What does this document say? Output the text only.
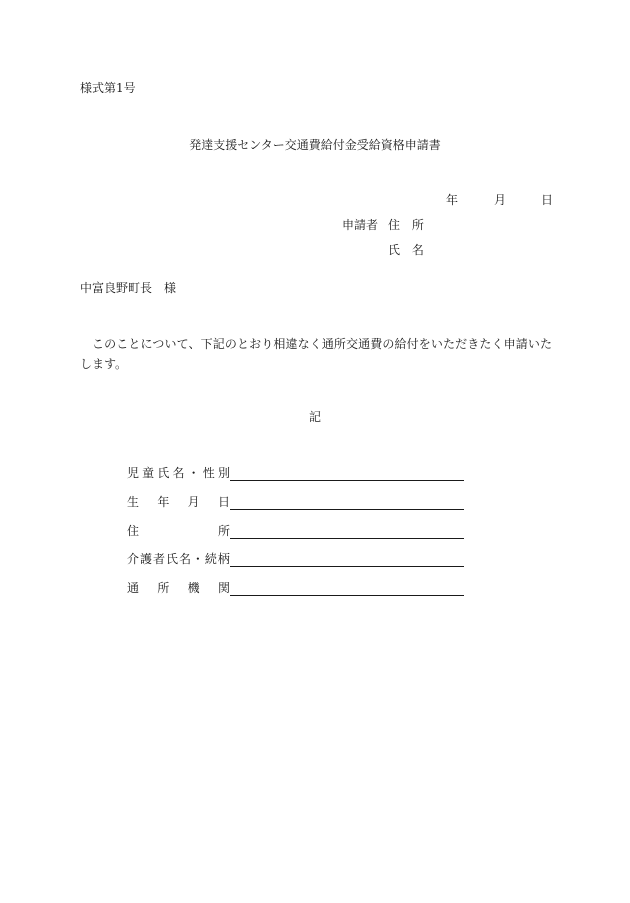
様式第1号
発達支援センター交通費給付金受給資格申請書
年	月	日
申請者 住 所
氏 名
中富良野町長　様
このことについて、下記のとおり相違なく通所交通費の給付をいただきたく申請いたします。
記
児 童 氏 名 ・ 性 別
生 年 月 日
住	所
介 護 者 氏 名 ・ 続 柄
通 所 機 関
